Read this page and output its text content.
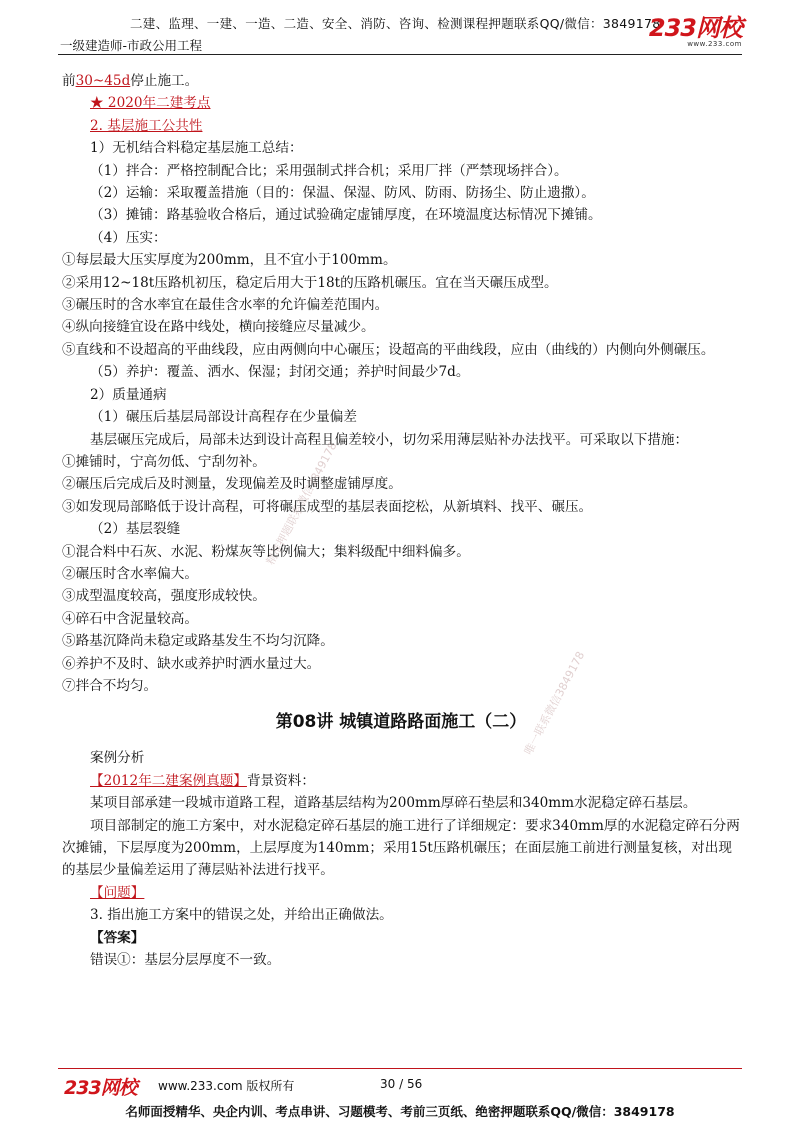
二建、监理、一建、一造、二造、安全、消防、咨询、检测课程押题联系QQ/微信：3849178
一级建造师-市政公用工程
233网校
www.233.com
精准押题联系微信3849178
唯一联系微信3849178

前30~45d停止施工。

★ 2020年二建考点

2. 基层施工公共性

1）无机结合料稳定基层施工总结：

（1）拌合：严格控制配合比；采用强制式拌合机；采用厂拌（严禁现场拌合）。

（2）运输：采取覆盖措施（目的：保温、保湿、防风、防雨、防扬尘、防止遗撒）。

（3）摊铺：路基验收合格后，通过试验确定虚铺厚度，在环境温度达标情况下摊铺。

（4）压实：

①每层最大压实厚度为200mm，且不宜小于100mm。

②采用12~18t压路机初压，稳定后用大于18t的压路机碾压。宜在当天碾压成型。

③碾压时的含水率宜在最佳含水率的允许偏差范围内。

④纵向接缝宜设在路中线处，横向接缝应尽量减少。

⑤直线和不设超高的平曲线段，应由两侧向中心碾压；设超高的平曲线段，应由（曲线的）内侧向外侧碾压。

（5）养护：覆盖、洒水、保湿；封闭交通；养护时间最少7d。

2）质量通病

（1）碾压后基层局部设计高程存在少量偏差

基层碾压完成后，局部未达到设计高程且偏差较小，切勿采用薄层贴补办法找平。可采取以下措施：

①摊铺时，宁高勿低、宁刮勿补。

②碾压后完成后及时测量，发现偏差及时调整虚铺厚度。

③如发现局部略低于设计高程，可将碾压成型的基层表面挖松，从新填料、找平、碾压。

（2）基层裂缝

①混合料中石灰、水泥、粉煤灰等比例偏大；集料级配中细料偏多。

②碾压时含水率偏大。

③成型温度较高，强度形成较快。

④碎石中含泥量较高。

⑤路基沉降尚未稳定或路基发生不均匀沉降。

⑥养护不及时、缺水或养护时洒水量过大。

⑦拌合不均匀。

第08讲 城镇道路路面施工（二）

案例分析

【2012年二建案例真题】背景资料：

某项目部承建一段城市道路工程，道路基层结构为200mm厚碎石垫层和340mm水泥稳定碎石基层。

项目部制定的施工方案中，对水泥稳定碎石基层的施工进行了详细规定：要求340mm厚的水泥稳定碎石分两次摊铺，下层厚度为200mm，上层厚度为140mm；采用15t压路机碾压；在面层施工前进行测量复核，对出现的基层少量偏差运用了薄层贴补法进行找平。

【问题】

3. 指出施工方案中的错误之处，并给出正确做法。

【答案】

错误①：基层分层厚度不一致。

233网校 www.233.com 版权所有	30 / 56
名师面授精华、央企内训、考点串讲、习题模考、考前三页纸、绝密押题联系QQ/微信：3849178
